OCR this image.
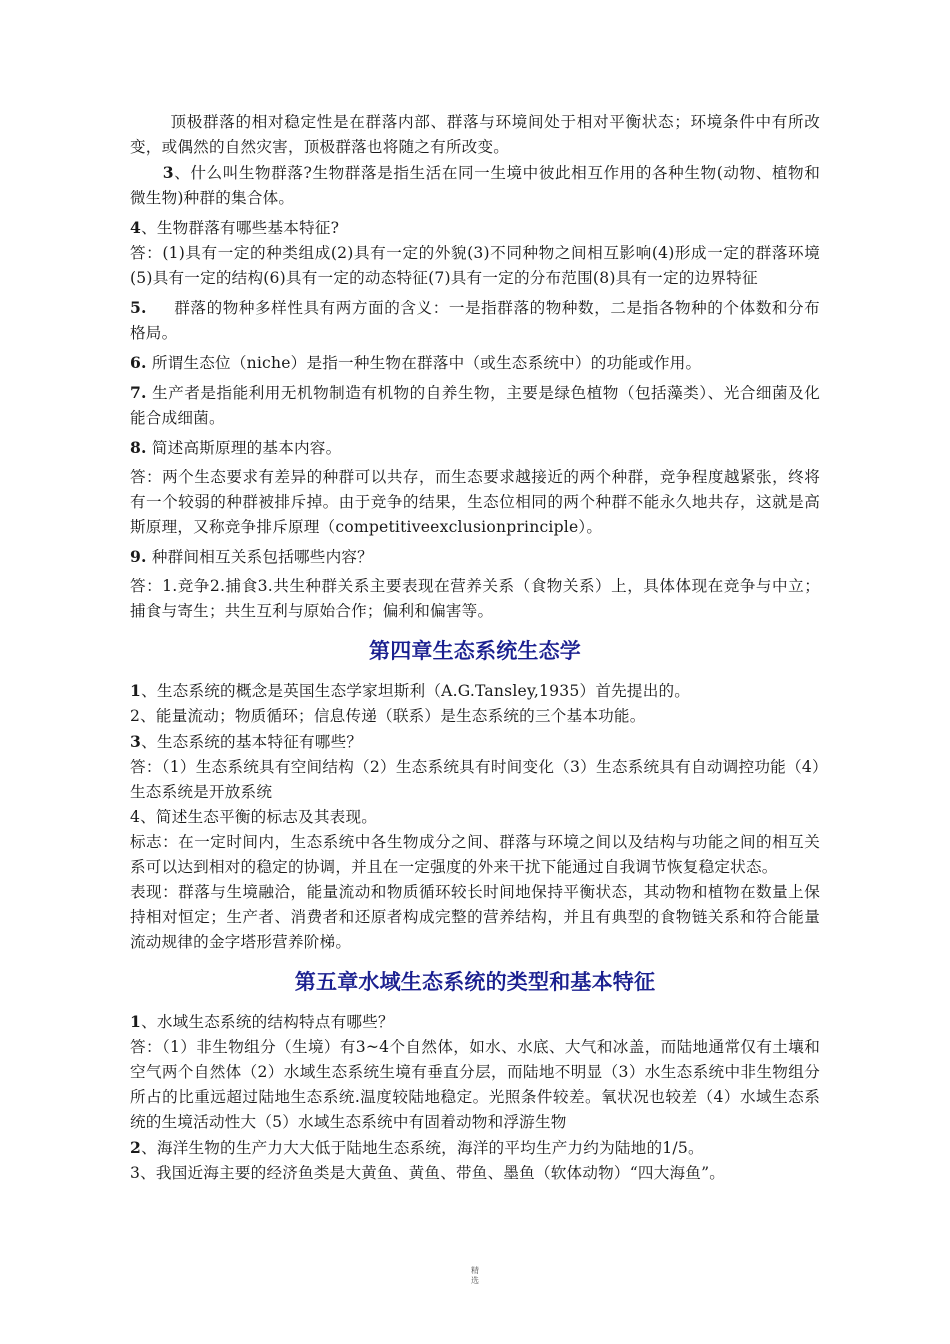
顶极群落的相对稳定性是在群落内部、群落与环境间处于相对平衡状态；环境条件中有所改变，或偶然的自然灾害，顶极群落也将随之有所改变。

3、什么叫生物群落?生物群落是指生活在同一生境中彼此相互作用的各种生物(动物、植物和微生物)种群的集合体。

4、生物群落有哪些基本特征?

答：(1)具有一定的种类组成(2)具有一定的外貌(3)不同种物之间相互影响(4)形成一定的群落环境(5)具有一定的结构(6)具有一定的动态特征(7)具有一定的分布范围(8)具有一定的边界特征

5. 群落的物种多样性具有两方面的含义：一是指群落的物种数，二是指各物种的个体数和分布格局。

6. 所谓生态位（niche）是指一种生物在群落中（或生态系统中）的功能或作用。

7. 生产者是指能利用无机物制造有机物的自养生物，主要是绿色植物（包括藻类）、光合细菌及化能合成细菌。

8. 简述高斯原理的基本内容。

答：两个生态要求有差异的种群可以共存，而生态要求越接近的两个种群，竞争程度越紧张，终将有一个较弱的种群被排斥掉。由于竞争的结果，生态位相同的两个种群不能永久地共存，这就是高斯原理，又称竞争排斥原理（competitiveexclusionprinciple）。

9. 种群间相互关系包括哪些内容？

答：1.竞争2.捕食3.共生种群关系主要表现在营养关系（食物关系）上，具体体现在竞争与中立；捕食与寄生；共生互利与原始合作；偏利和偏害等。

第四章生态系统生态学

1、生态系统的概念是英国生态学家坦斯利（A.G.Tansley,1935）首先提出的。

2、能量流动；物质循环；信息传递（联系）是生态系统的三个基本功能。

3、生态系统的基本特征有哪些？

答：（1）生态系统具有空间结构（2）生态系统具有时间变化（3）生态系统具有自动调控功能（4）生态系统是开放系统

4、简述生态平衡的标志及其表现。

标志：在一定时间内，生态系统中各生物成分之间、群落与环境之间以及结构与功能之间的相互关系可以达到相对的稳定的协调，并且在一定强度的外来干扰下能通过自我调节恢复稳定状态。

表现：群落与生境融洽，能量流动和物质循环较长时间地保持平衡状态，其动物和植物在数量上保持相对恒定；生产者、消费者和还原者构成完整的营养结构，并且有典型的食物链关系和符合能量流动规律的金字塔形营养阶梯。

第五章水域生态系统的类型和基本特征

1、水域生态系统的结构特点有哪些？

答：（1）非生物组分（生境）有3~4个自然体，如水、水底、大气和冰盖，而陆地通常仅有土壤和空气两个自然体（2）水域生态系统生境有垂直分层，而陆地不明显（3）水生态系统中非生物组分所占的比重远超过陆地生态系统.温度较陆地稳定。光照条件较差。氧状况也较差（4）水域生态系统的生境活动性大（5）水域生态系统中有固着动物和浮游生物

2、海洋生物的生产力大大低于陆地生态系统，海洋的平均生产力约为陆地的1/5。

3、我国近海主要的经济鱼类是大黄鱼、黄鱼、带鱼、墨鱼（软体动物）“四大海鱼”。

精
选
